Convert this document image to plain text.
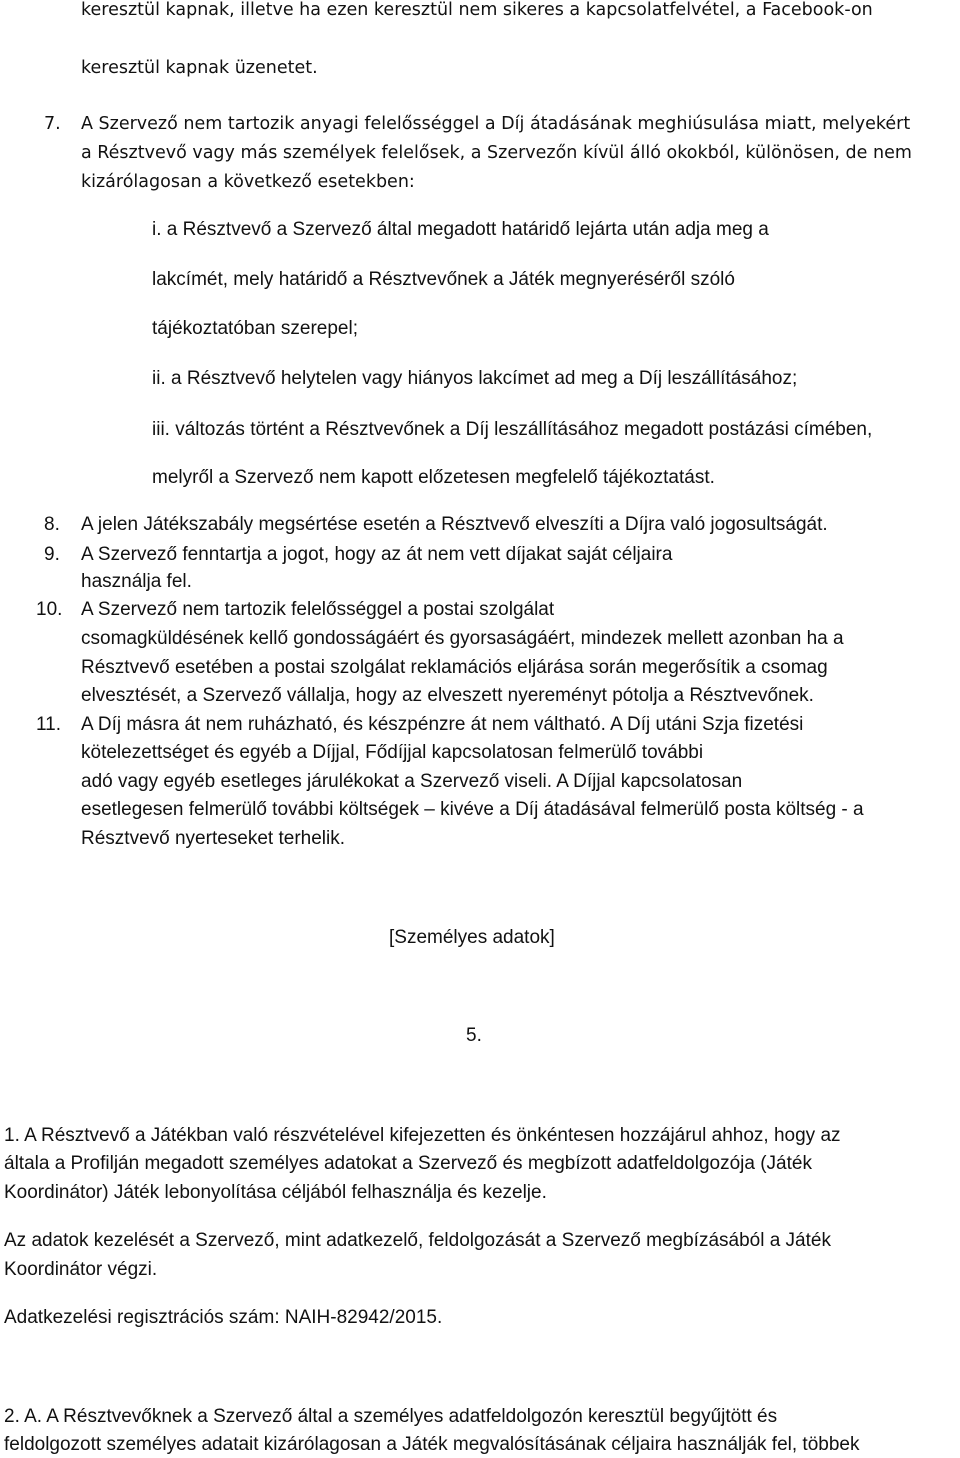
keresztül kapnak, illetve ha ezen keresztül nem sikeres a kapcsolatfelvétel, a Facebook-on
keresztül kapnak üzenetet.
7. A Szervező nem tartozik anyagi felelősséggel a Díj átadásának meghiúsulása miatt, melyekért
a Résztvevő vagy más személyek felelősek, a Szervezőn kívül álló okokból, különösen, de nem
kizárólagosan a következő esetekben:
i. a Résztvevő a Szervező által megadott határidő lejárta után adja meg a
lakcímét, mely határidő a Résztvevőnek a Játék megnyeréséről szóló
tájékoztatóban szerepel;
ii. a Résztvevő helytelen vagy hiányos lakcímet ad meg a Díj leszállításához;
iii. változás történt a Résztvevőnek a Díj leszállításához megadott postázási címében,
melyről a Szervező nem kapott előzetesen megfelelő tájékoztatást.
8. A jelen Játékszabály megsértése esetén a Résztvevő elveszíti a Díjra való jogosultságát.
9. A Szervező fenntartja a jogot, hogy az át nem vett díjakat saját céljaira
használja fel.
10. A Szervező nem tartozik felelősséggel a postai szolgálat
csomagküldésének kellő gondosságáért és gyorsaságáért, mindezek mellett azonban ha a
Résztvevő esetében a postai szolgálat reklamációs eljárása során megerősítik a csomag
elvesztését, a Szervező vállalja, hogy az elveszett nyereményt pótolja a Résztvevőnek.
11. A Díj másra át nem ruházható, és készpénzre át nem váltható. A Díj utáni Szja fizetési
kötelezettséget és egyéb a Díjjal, Fődíjjal kapcsolatosan felmerülő további
adó vagy egyéb esetleges járulékokat a Szervező viseli. A Díjjal kapcsolatosan
esetlegesen felmerülő további költségek – kivéve a Díj átadásával felmerülő posta költség - a
Résztvevő nyerteseket terhelik.
[Személyes adatok]
5.
1. A Résztvevő a Játékban való részvételével kifejezetten és önkéntesen hozzájárul ahhoz, hogy az
általa a Profilján megadott személyes adatokat a Szervező és megbízott adatfeldolgozója (Játék
Koordinátor) Játék lebonyolítása céljából felhasználja és kezelje.
Az adatok kezelését a Szervező, mint adatkezelő, feldolgozását a Szervező megbízásából a Játék
Koordinátor végzi.
Adatkezelési regisztrációs szám: NAIH-82942/2015.
2. A. A Résztvevőknek a Szervező által a személyes adatfeldolgozón keresztül begyűjtött és
feldolgozott személyes adatait kizárólagosan a Játék megvalósításának céljaira használják fel, többek
